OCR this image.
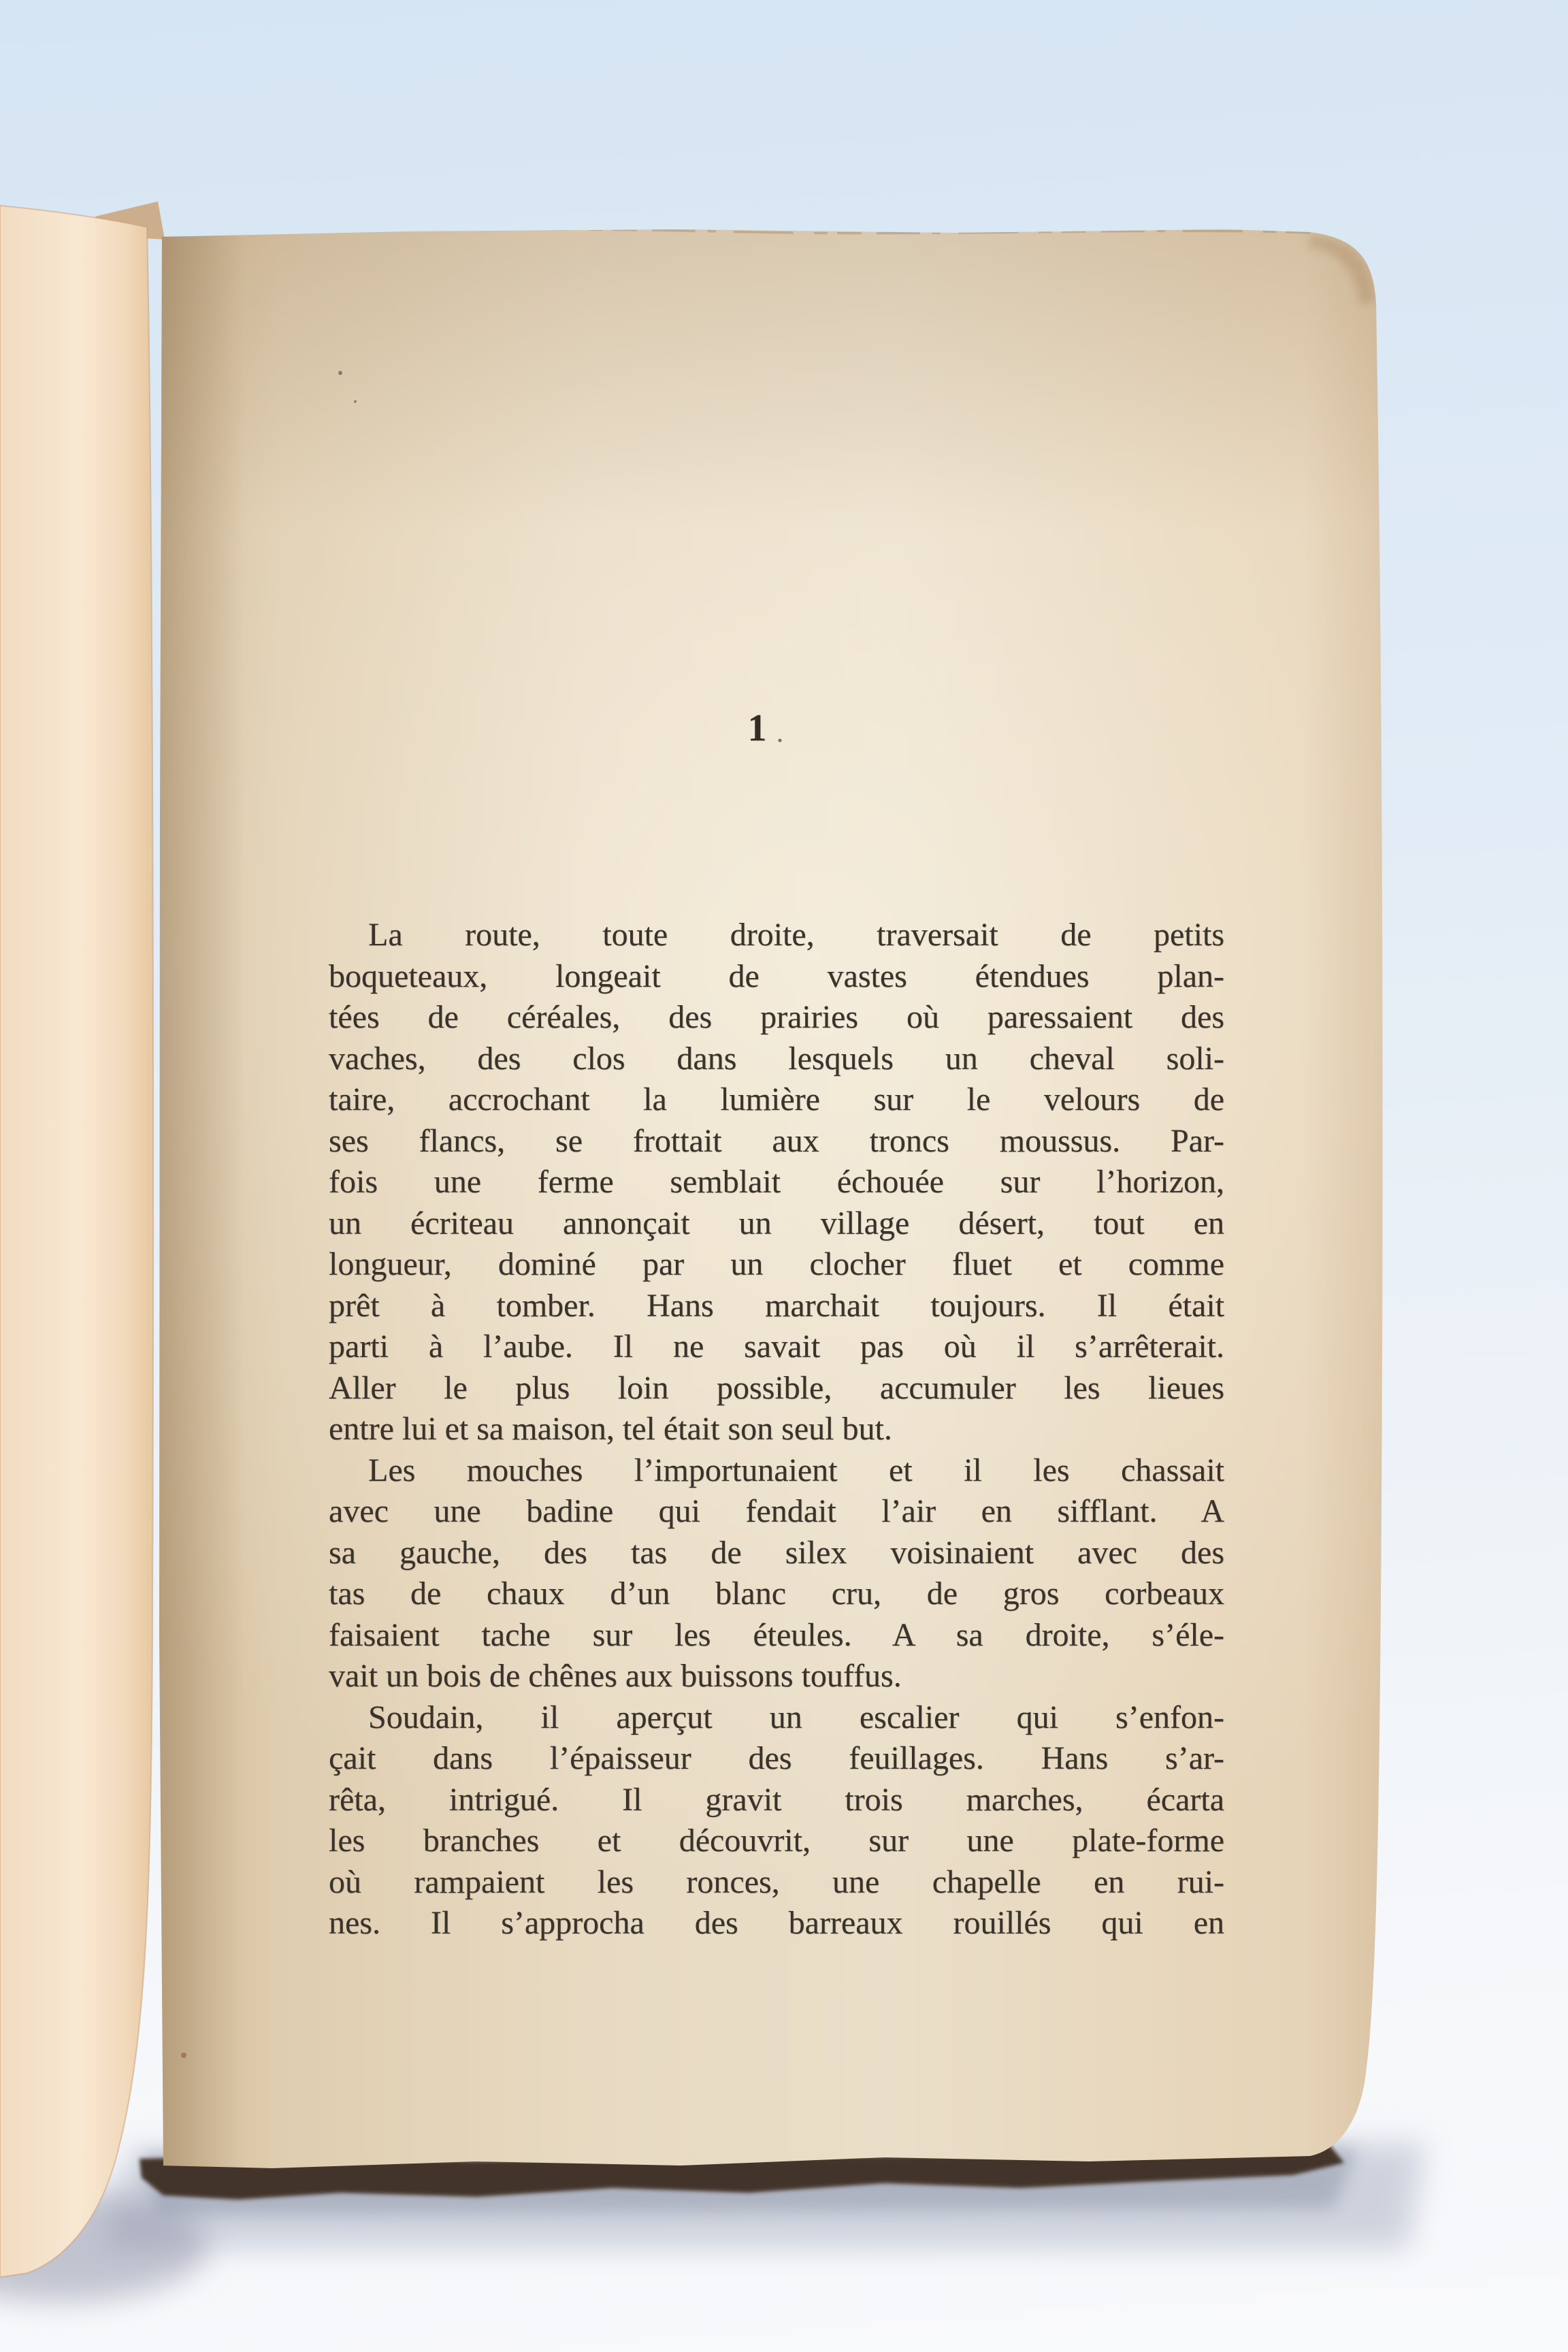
1
La route, toute droite, traversait de petits
boqueteaux, longeait de vastes étendues plan-
tées de céréales, des prairies où paressaient des
vaches, des clos dans lesquels un cheval soli-
taire, accrochant la lumière sur le velours de
ses flancs, se frottait aux troncs moussus. Par-
fois une ferme semblait échouée sur l’horizon,
un écriteau annonçait un village désert, tout en
longueur, dominé par un clocher fluet et comme
prêt à tomber. Hans marchait toujours. Il était
parti à l’aube. Il ne savait pas où il s’arrêterait.
Aller le plus loin possible, accumuler les lieues
entre lui et sa maison, tel était son seul but.
Les mouches l’importunaient et il les chassait
avec une badine qui fendait l’air en sifflant. A
sa gauche, des tas de silex voisinaient avec des
tas de chaux d’un blanc cru, de gros corbeaux
faisaient tache sur les éteules. A sa droite, s’éle-
vait un bois de chênes aux buissons touffus.
Soudain, il aperçut un escalier qui s’enfon-
çait dans l’épaisseur des feuillages. Hans s’ar-
rêta, intrigué. Il gravit trois marches, écarta
les branches et découvrit, sur une plate-forme
où rampaient les ronces, une chapelle en rui-
nes. Il s’approcha des barreaux rouillés qui en
